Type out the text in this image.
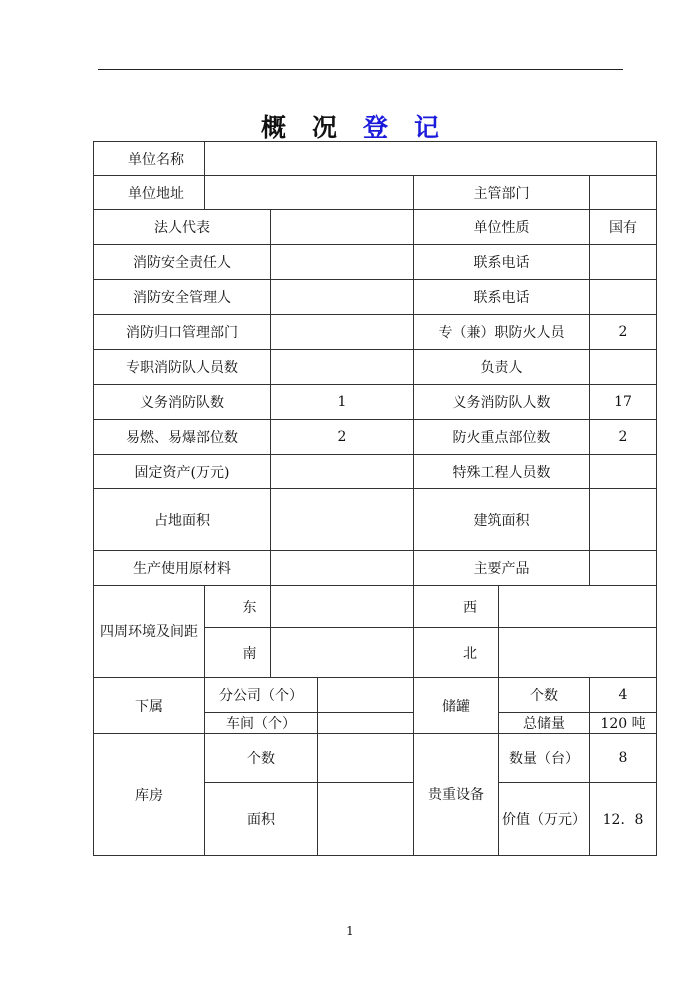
概 况 登 记
单位名称						
单位地址				主管部门		
法人代表				单位性质		国有
消防安全责任人				联系电话		
消防安全管理人				联系电话		
消防归口管理部门				专（兼）职防火人员		2
专职消防队人员数				负责人		
义务消防队数		1		义务消防队人数		17
易燃、易爆部位数		2		防火重点部位数		2
固定资产(万元)				特殊工程人员数		
占地面积				建筑面积		
生产使用原材料				主要产品		
四周环境及间距	东			西		
	南			北		
下属	分公司（个）			储罐	个数	4
	车间（个）				总储量	120 吨
库房	个数			贵重设备	数量（台）	8
	面积				价值（万元）	12．8
1
